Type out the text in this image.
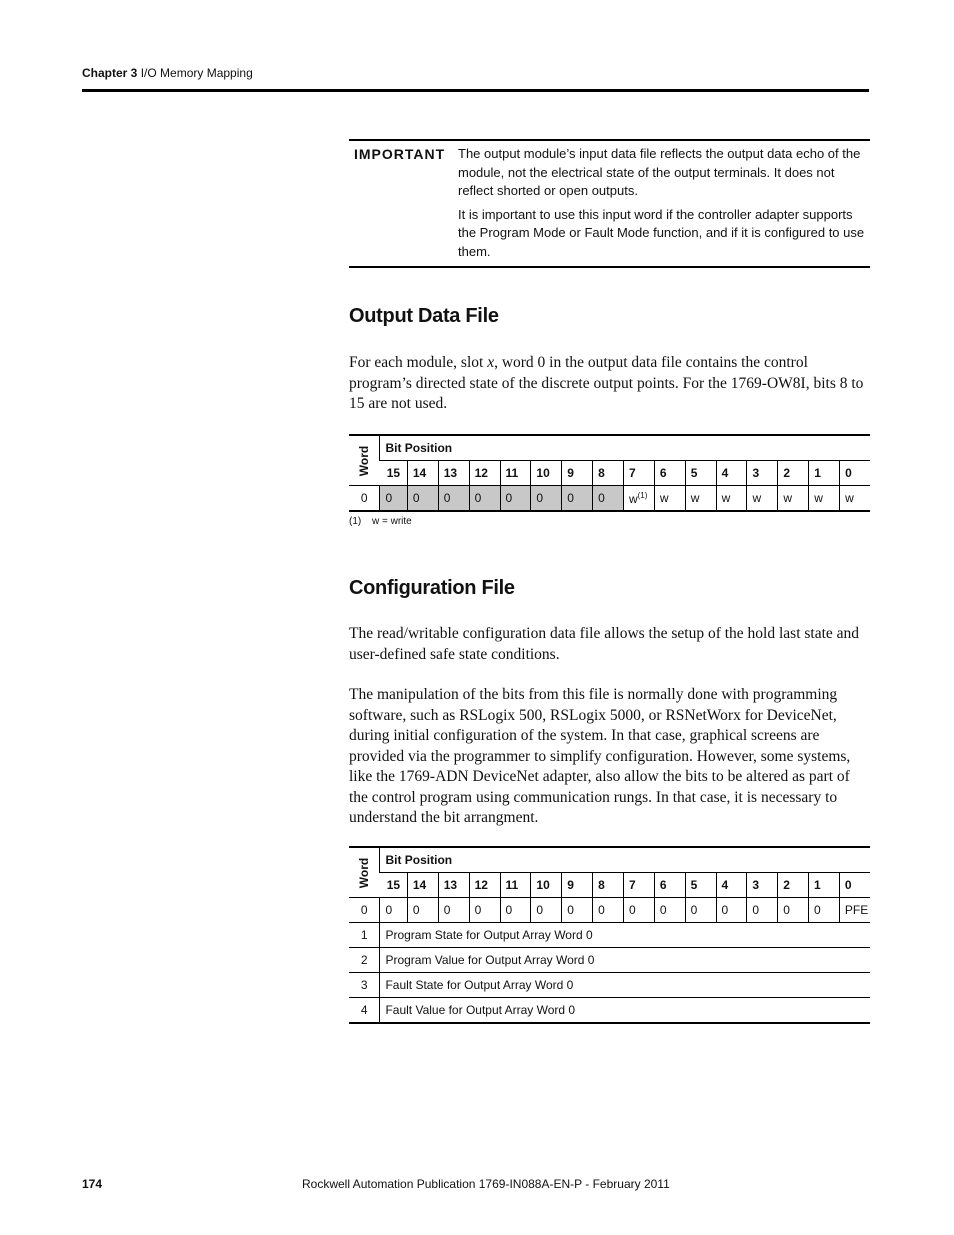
Chapter 3 I/O Memory Mapping
IMPORTANT The output module’s input data file reflects the output data echo of the module, not the electrical state of the output terminals. It does not reflect shorted or open outputs.

It is important to use this input word if the controller adapter supports the Program Mode or Fault Mode function, and if it is configured to use them.

Output Data File

For each module, slot x, word 0 in the output data file contains the control program’s directed state of the discrete output points. For the 1769-OW8I, bits 8 to 15 are not used.

Word	Bit Position															
	15	14	13	12	11	10	9	8	7	6	5	4	3	2	1	0
0	0	0	0	0	0	0	0	0	$w^{(1)}$	w	w	w	w	w	w	w
(1) w = write
Configuration File

The read/writable configuration data file allows the setup of the hold last state and user-defined safe state conditions.

The manipulation of the bits from this file is normally done with programming software, such as RSLogix 500, RSLogix 5000, or RSNetWorx for DeviceNet, during initial configuration of the system. In that case, graphical screens are provided via the programmer to simplify configuration. However, some systems, like the 1769-ADN DeviceNet adapter, also allow the bits to be altered as part of the control program using communication rungs. In that case, it is necessary to understand the bit arrangment.

Word	Bit Position															
	15	14	13	12	11	10	9	8	7	6	5	4	3	2	1	0
0	0	0	0	0	0	0	0	0	0	0	0	0	0	0	0	PFE
1	Program State for Output Array Word 0															
2	Program Value for Output Array Word 0															
3	Fault State for Output Array Word 0															
4	Fault Value for Output Array Word 0															
174	Rockwell Automation Publication 1769-IN088A-EN-P - February 2011
